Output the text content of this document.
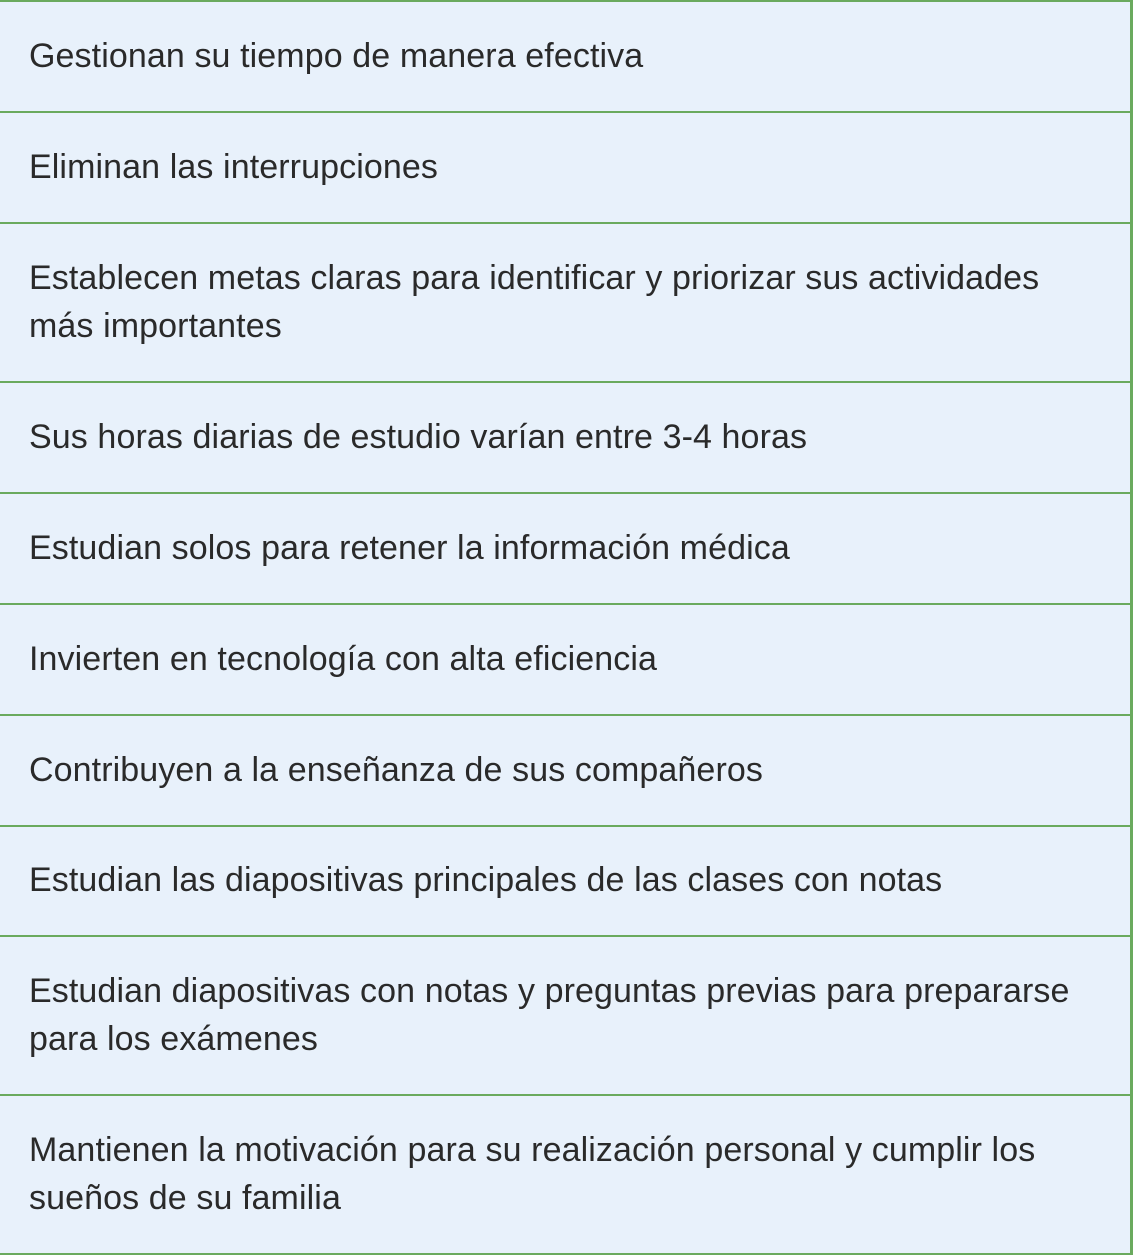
Gestionan su tiempo de manera efectiva
Eliminan las interrupciones
Establecen metas claras para identificar y priorizar sus actividades más importantes
Sus horas diarias de estudio varían entre 3-4 horas
Estudian solos para retener la información médica
Invierten en tecnología con alta eficiencia
Contribuyen a la enseñanza de sus compañeros
Estudian las diapositivas principales de las clases con notas
Estudian diapositivas con notas y preguntas previas para prepararse para los exámenes
Mantienen la motivación para su realización personal y cumplir los sueños de su familia
